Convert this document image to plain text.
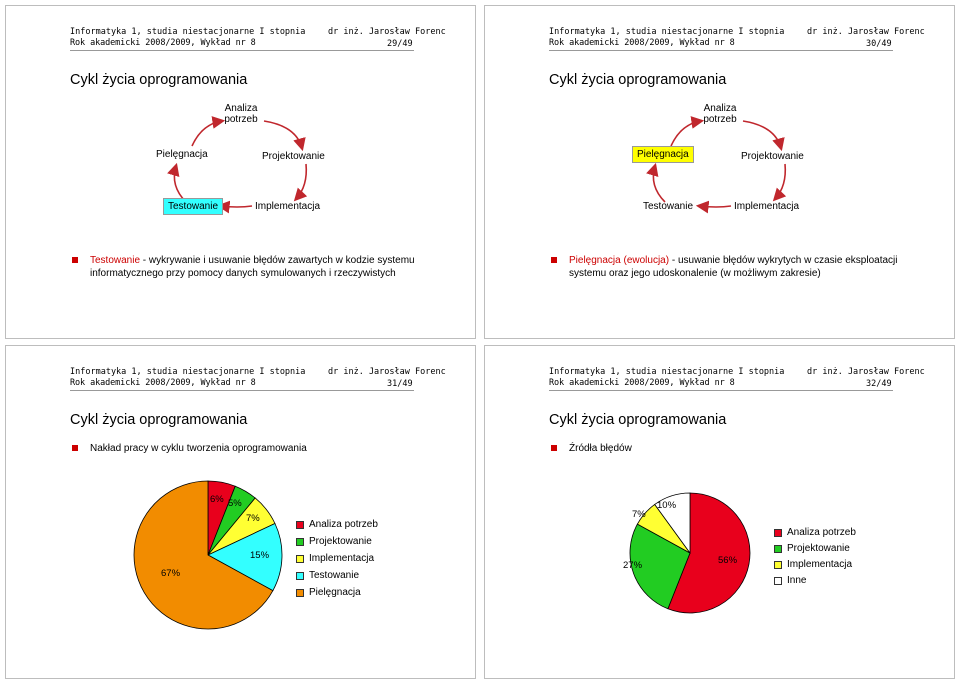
Informatyka 1, studia niestacjonarne I stopnia
Rok akademicki 2008/2009, Wykład nr 8
dr inż. Jarosław Forenc
29/49
Cykl życia oprogramowania
Analiza
potrzeb
Pielęgnacja	Projektowanie
Testowanie	Implementacja
Testowanie - wykrywanie i usuwanie błędów zawartych w kodzie systemu
informatycznego przy pomocy danych symulowanych i rzeczywistych
Informatyka 1, studia niestacjonarne I stopnia
Rok akademicki 2008/2009, Wykład nr 8
dr inż. Jarosław Forenc
30/49
Cykl życia oprogramowania
Analiza
potrzeb
Pielęgnacja	Projektowanie
Testowanie	Implementacja
Pielęgnacja (ewolucja) - usuwanie błędów wykrytych w czasie eksploatacji
systemu oraz jego udoskonalenie (w możliwym zakresie)
Informatyka 1, studia niestacjonarne I stopnia
Rok akademicki 2008/2009, Wykład nr 8
dr inż. Jarosław Forenc
31/49
Cykl życia oprogramowania
Nakład pracy w cyklu tworzenia oprogramowania
6% 5%
7%
15%
67%
Analiza potrzeb
Projektowanie
Implementacja
Testowanie
Pielęgnacja
Informatyka 1, studia niestacjonarne I stopnia
Rok akademicki 2008/2009, Wykład nr 8
dr inż. Jarosław Forenc
32/49
Cykl życia oprogramowania
Źródła błędów
56%
27%
7%
10%
Analiza potrzeb
Projektowanie
Implementacja
Inne
